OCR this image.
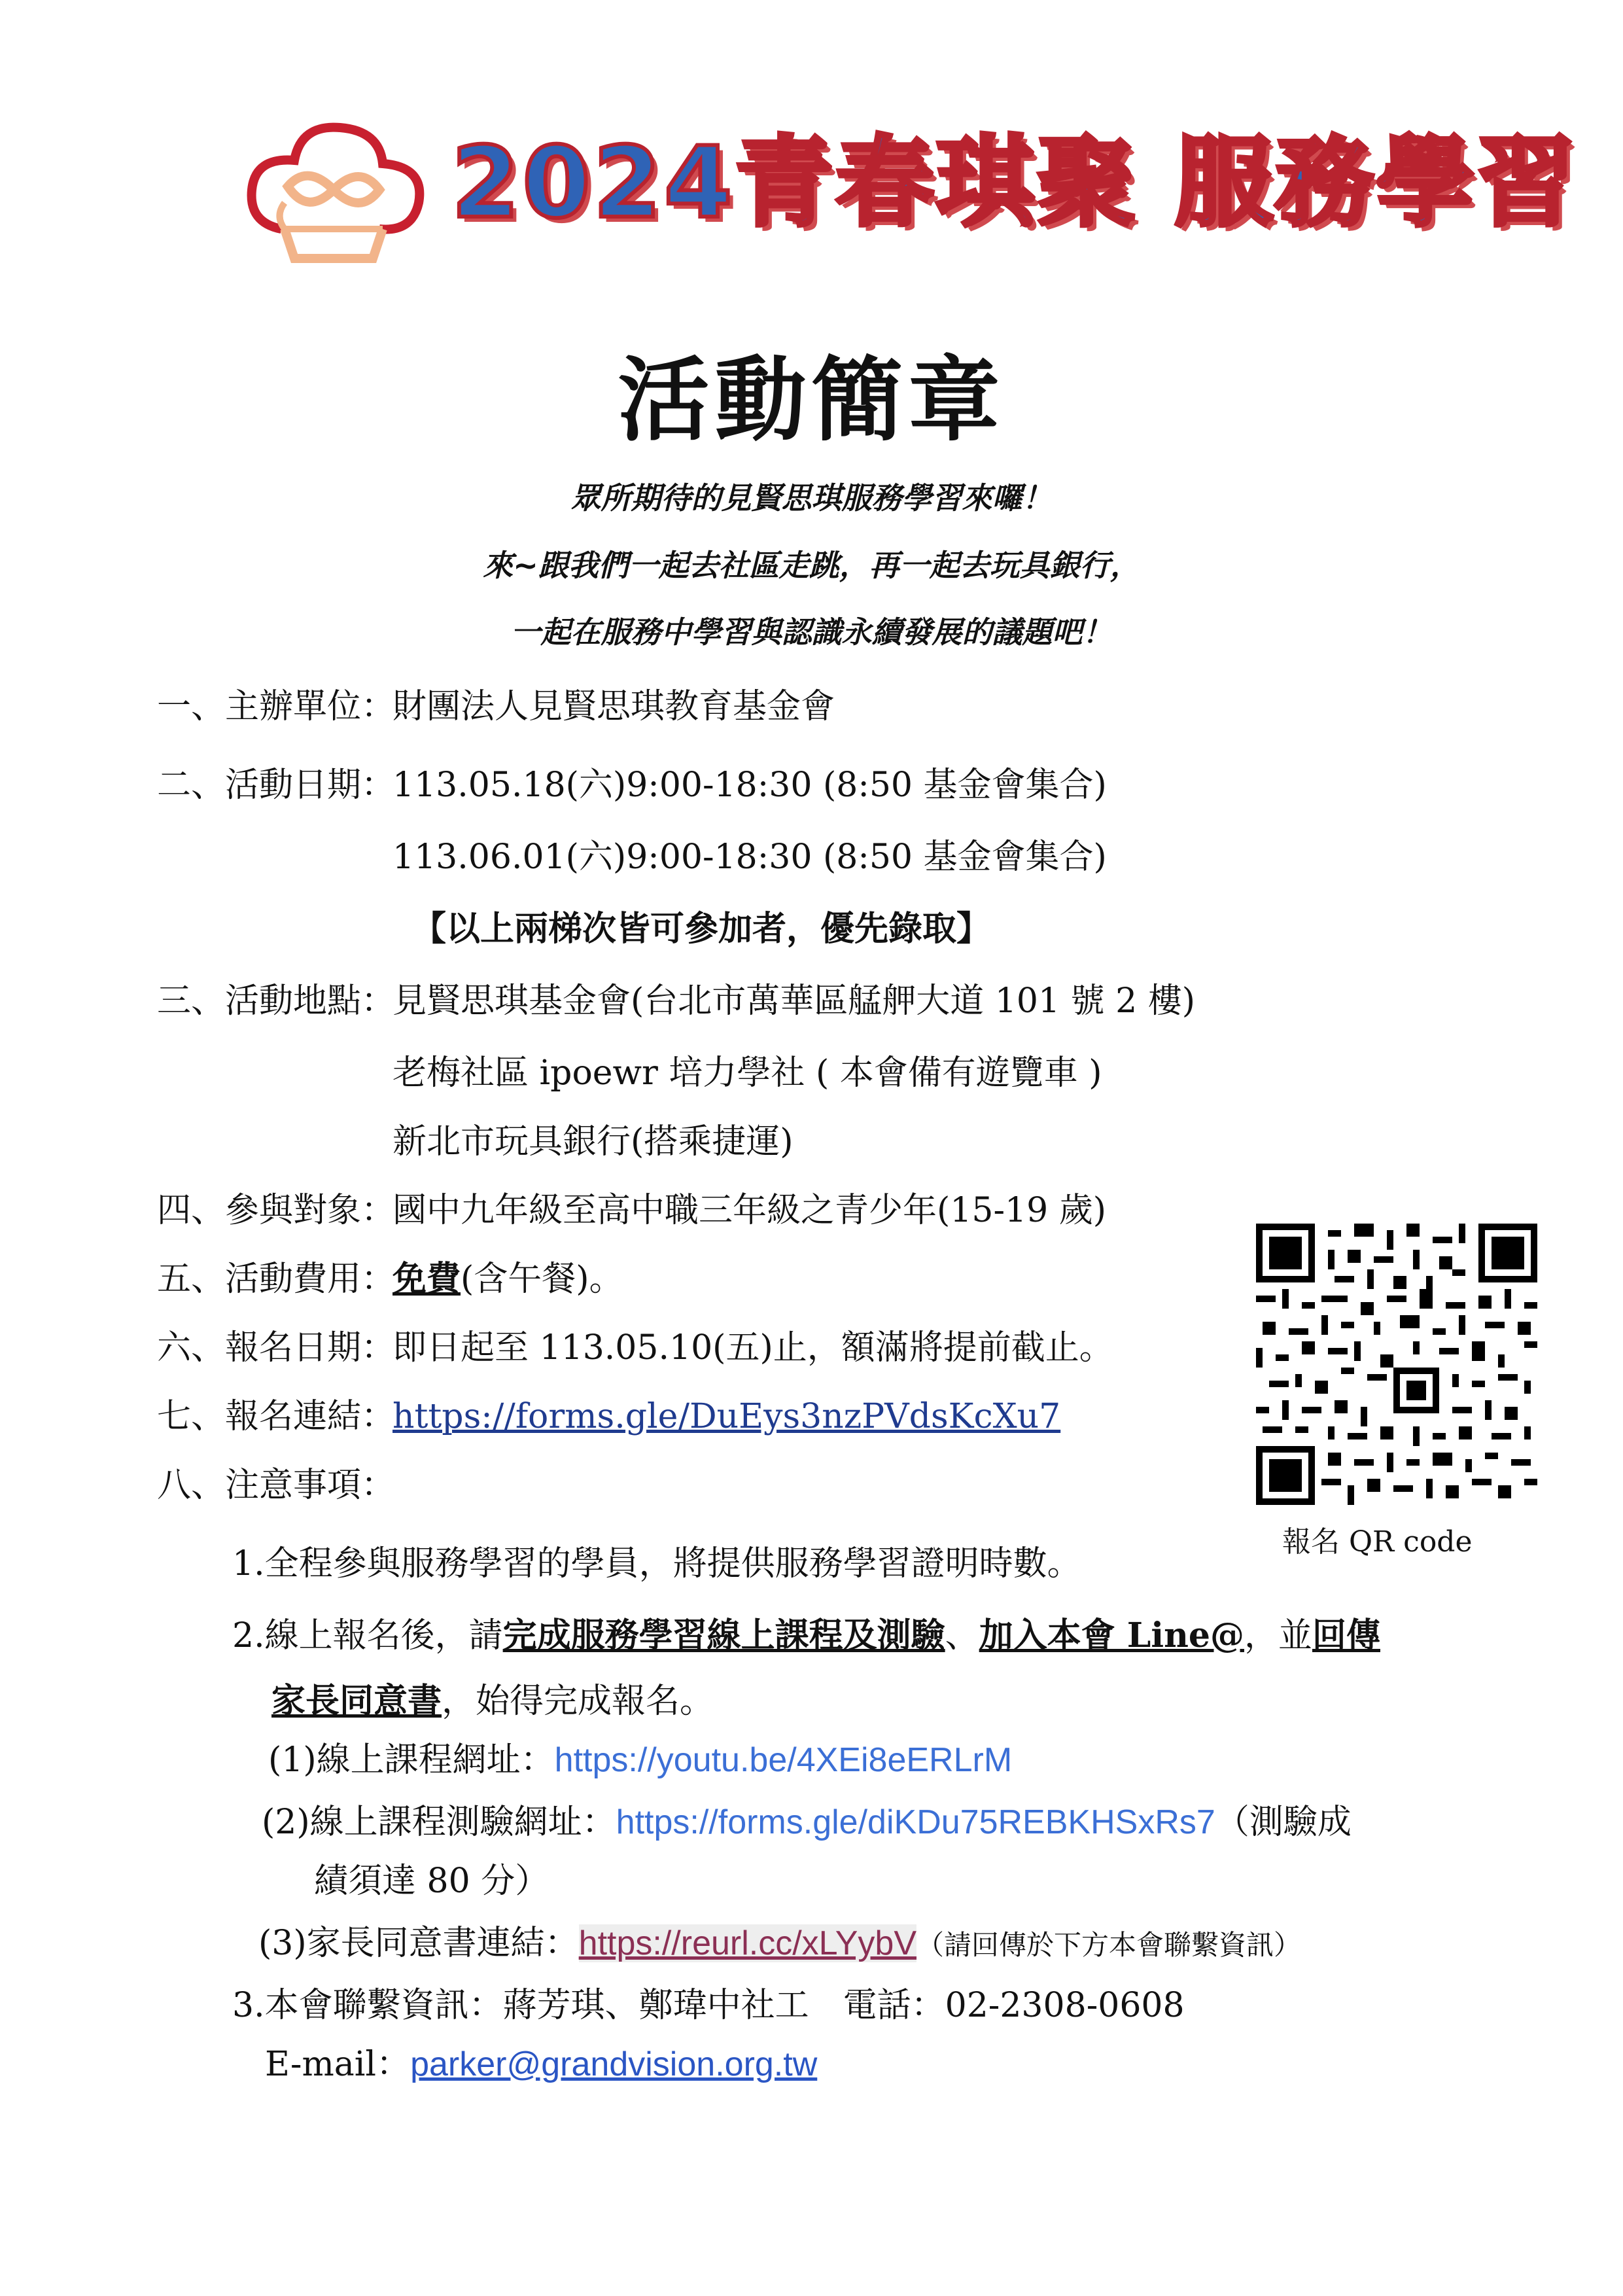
2024青春琪聚 服務學習
活動簡章
眾所期待的見賢思琪服務學習來囉！
來~跟我們一起去社區走跳，再一起去玩具銀行，
一起在服務中學習與認識永續發展的議題吧！
一、主辦單位：財團法人見賢思琪教育基金會
二、活動日期：113.05.18(六)9:00-18:30 (8:50 基金會集合)
113.06.01(六)9:00-18:30 (8:50 基金會集合)
【以上兩梯次皆可參加者，優先錄取】
三、活動地點：見賢思琪基金會(台北市萬華區艋舺大道 101 號 2 樓)
老梅社區 ipoewr 培力學社 ( 本會備有遊覽車 )
新北市玩具銀行(搭乘捷運)
四、參與對象：國中九年級至高中職三年級之青少年(15-19 歲)
五、活動費用：免費(含午餐)。
六、報名日期：即日起至 113.05.10(五)止，額滿將提前截止。
七、報名連結：https://forms.gle/DuEys3nzPVdsKcXu7
八、注意事項：
報名 QR code
1.全程參與服務學習的學員，將提供服務學習證明時數。
2.線上報名後，請完成服務學習線上課程及測驗、加入本會 Line@，並回傳
家長同意書，始得完成報名。
(1)線上課程網址：https://youtu.be/4XEi8eERLrM
(2)線上課程測驗網址：https://forms.gle/diKDu75REBKHSxRs7（測驗成
績須達 80 分）
(3)家長同意書連結：https://reurl.cc/xLYybV（請回傳於下方本會聯繫資訊）
3.本會聯繫資訊：蔣芳琪、鄭瑋中社工　電話：02-2308-0608
E-mail：parker@grandvision.org.tw
